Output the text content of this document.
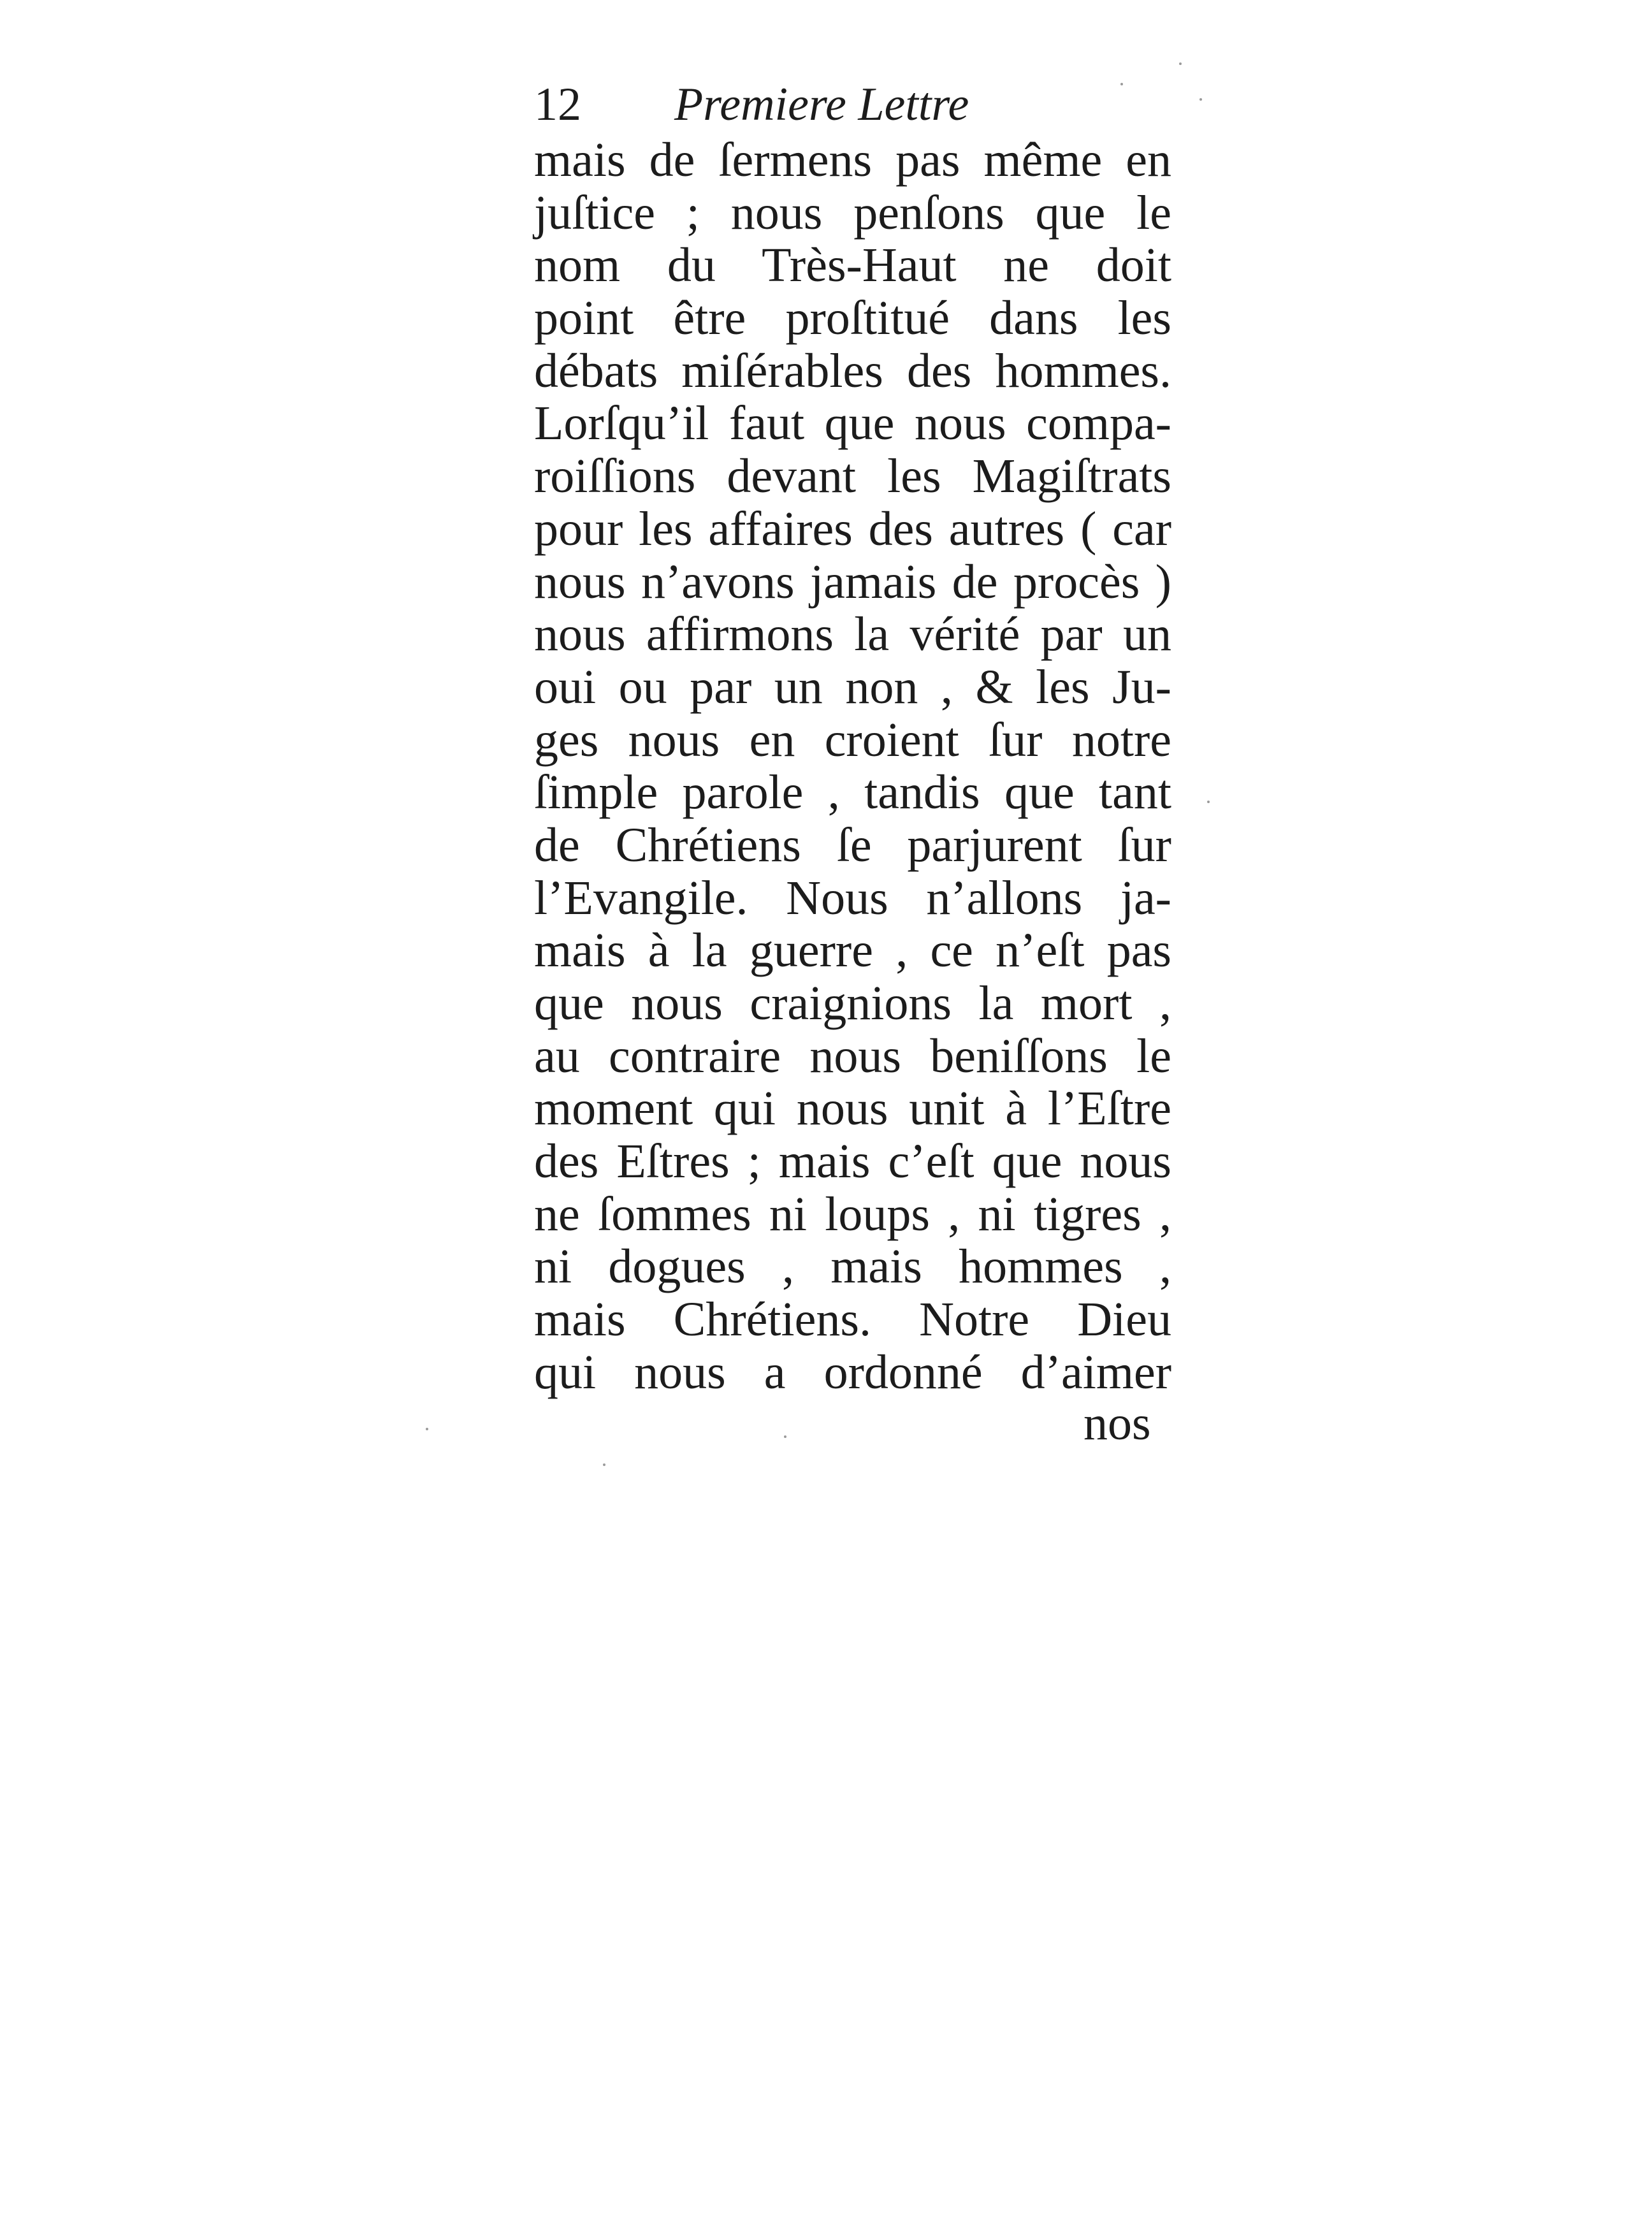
12 Premiere Lettre
mais de ſermens pas même en
juſtice ; nous penſons que le
nom du Très-Haut ne doit
point être proſtitué dans les
débats miſérables des hommes.
Lorſqu’il faut que nous compa-
roiſſions devant les Magiſtrats
pour les affaires des autres ( car
nous n’avons jamais de procès )
nous affirmons la vérité par un
oui ou par un non , & les Ju-
ges nous en croient ſur notre
ſimple parole , tandis que tant
de Chrétiens ſe parjurent ſur
l’Evangile. Nous n’allons ja-
mais à la guerre , ce n’eſt pas
que nous craignions la mort ,
au contraire nous beniſſons le
moment qui nous unit à l’Eſtre
des Eſtres ; mais c’eſt que nous
ne ſommes ni loups , ni tigres ,
ni dogues , mais hommes ,
mais Chrétiens. Notre Dieu
qui nous a ordonné d’aimer
nos
